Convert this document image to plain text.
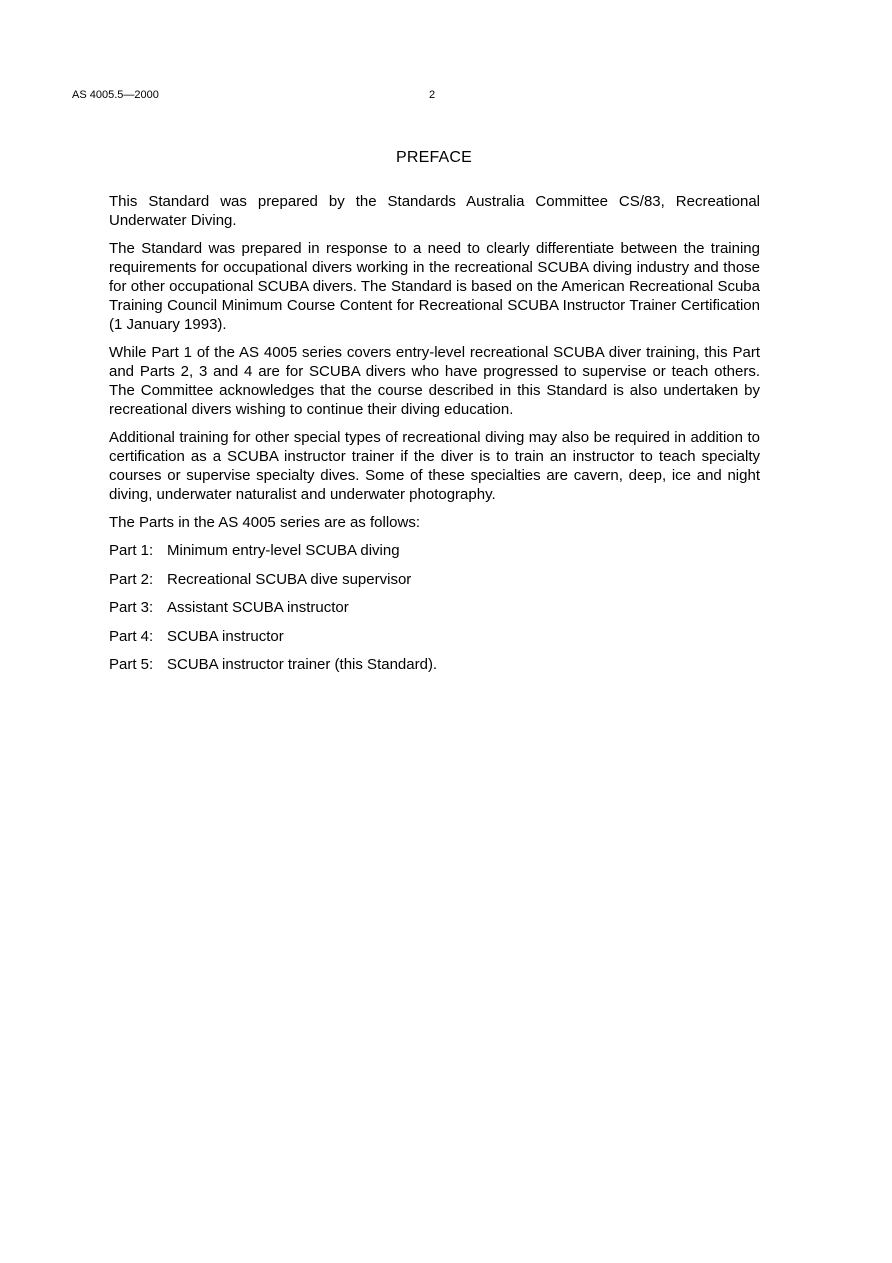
AS 4005.5—2000	2
PREFACE

This Standard was prepared by the Standards Australia Committee CS/83, Recreational Underwater Diving.

The Standard was prepared in response to a need to clearly differentiate between the training requirements for occupational divers working in the recreational SCUBA diving industry and those for other occupational SCUBA divers. The Standard is based on the American Recreational Scuba Training Council Minimum Course Content for Recreational SCUBA Instructor Trainer Certification (1 January 1993).

While Part 1 of the AS 4005 series covers entry-level recreational SCUBA diver training, this Part and Parts 2, 3 and 4 are for SCUBA divers who have progressed to supervise or teach others. The Committee acknowledges that the course described in this Standard is also undertaken by recreational divers wishing to continue their diving education.

Additional training for other special types of recreational diving may also be required in addition to certification as a SCUBA instructor trainer if the diver is to train an instructor to teach specialty courses or supervise specialty dives. Some of these specialties are cavern, deep, ice and night diving, underwater naturalist and underwater photography.

The Parts in the AS 4005 series are as follows:

Part 1: Minimum entry-level SCUBA diving
Part 2: Recreational SCUBA dive supervisor
Part 3: Assistant SCUBA instructor
Part 4: SCUBA instructor
Part 5: SCUBA instructor trainer (this Standard).
